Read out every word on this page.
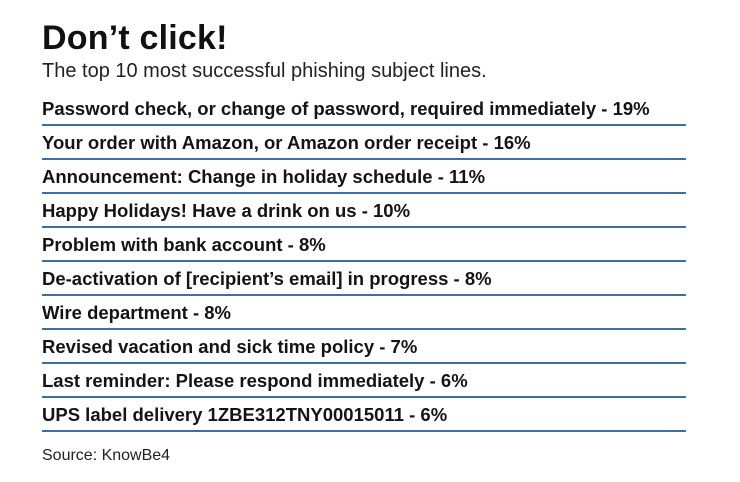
Don’t click!

The top 10 most successful phishing subject lines.

Password check, or change of password, required immediately - 19%
Your order with Amazon, or Amazon order receipt - 16%
Announcement: Change in holiday schedule - 11%
Happy Holidays! Have a drink on us - 10%
Problem with bank account - 8%
De-activation of [recipient’s email] in progress - 8%
Wire department - 8%
Revised vacation and sick time policy - 7%
Last reminder: Please respond immediately - 6%
UPS label delivery 1ZBE312TNY00015011 - 6%
Source: KnowBe4
